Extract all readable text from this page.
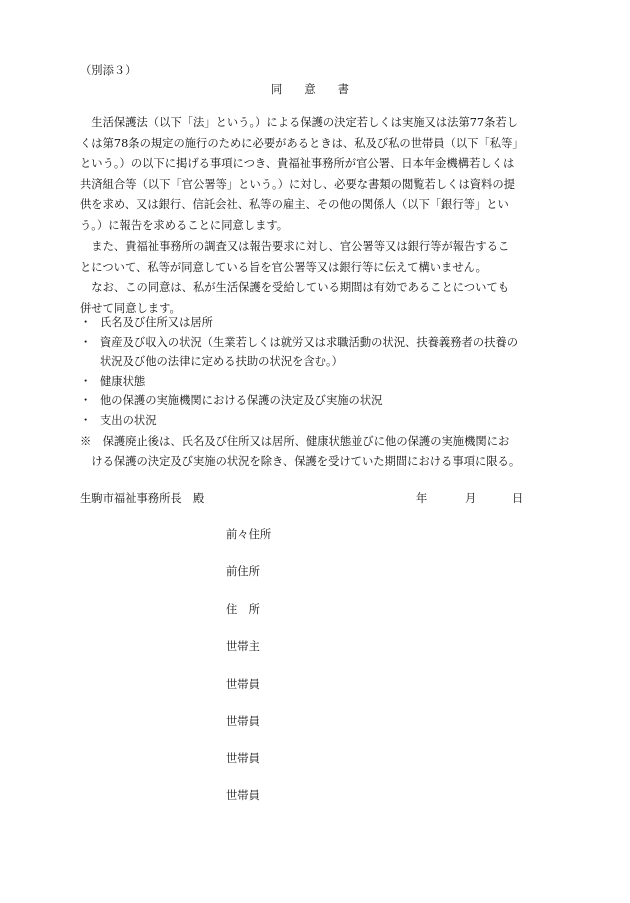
（別添３）
同 意 書
　生活保護法（以下「法」という。）による保護の決定若しくは実施又は法第77条若し
くは第78条の規定の施行のために必要があるときは、私及び私の世帯員（以下「私等」
という。）の以下に掲げる事項につき、貴福祉事務所が官公署、日本年金機構若しくは
共済組合等（以下「官公署等」という。）に対し、必要な書類の閲覧若しくは資料の提
供を求め、又は銀行、信託会社、私等の雇主、その他の関係人（以下「銀行等」とい
う。）に報告を求めることに同意します。
　また、貴福祉事務所の調査又は報告要求に対し、官公署等又は銀行等が報告するこ
とについて、私等が同意している旨を官公署等又は銀行等に伝えて構いません。
　なお、この同意は、私が生活保護を受給している期間は有効であることについても
併せて同意します。
・ 氏名及び住所又は居所
・ 資産及び収入の状況（生業若しくは就労又は求職活動の状況、扶養義務者の扶養の
状況及び他の法律に定める扶助の状況を含む。）
・ 健康状態
・ 他の保護の実施機関における保護の決定及び実施の状況
・ 支出の状況
※　保護廃止後は、氏名及び住所又は居所、健康状態並びに他の保護の実施機関にお
　ける保護の決定及び実施の状況を除き、保護を受けていた期間における事項に限る。
生駒市福祉事務所長　殿	年	月	日
前々住所
前住所
住　所
世帯主
世帯員
世帯員
世帯員
世帯員
